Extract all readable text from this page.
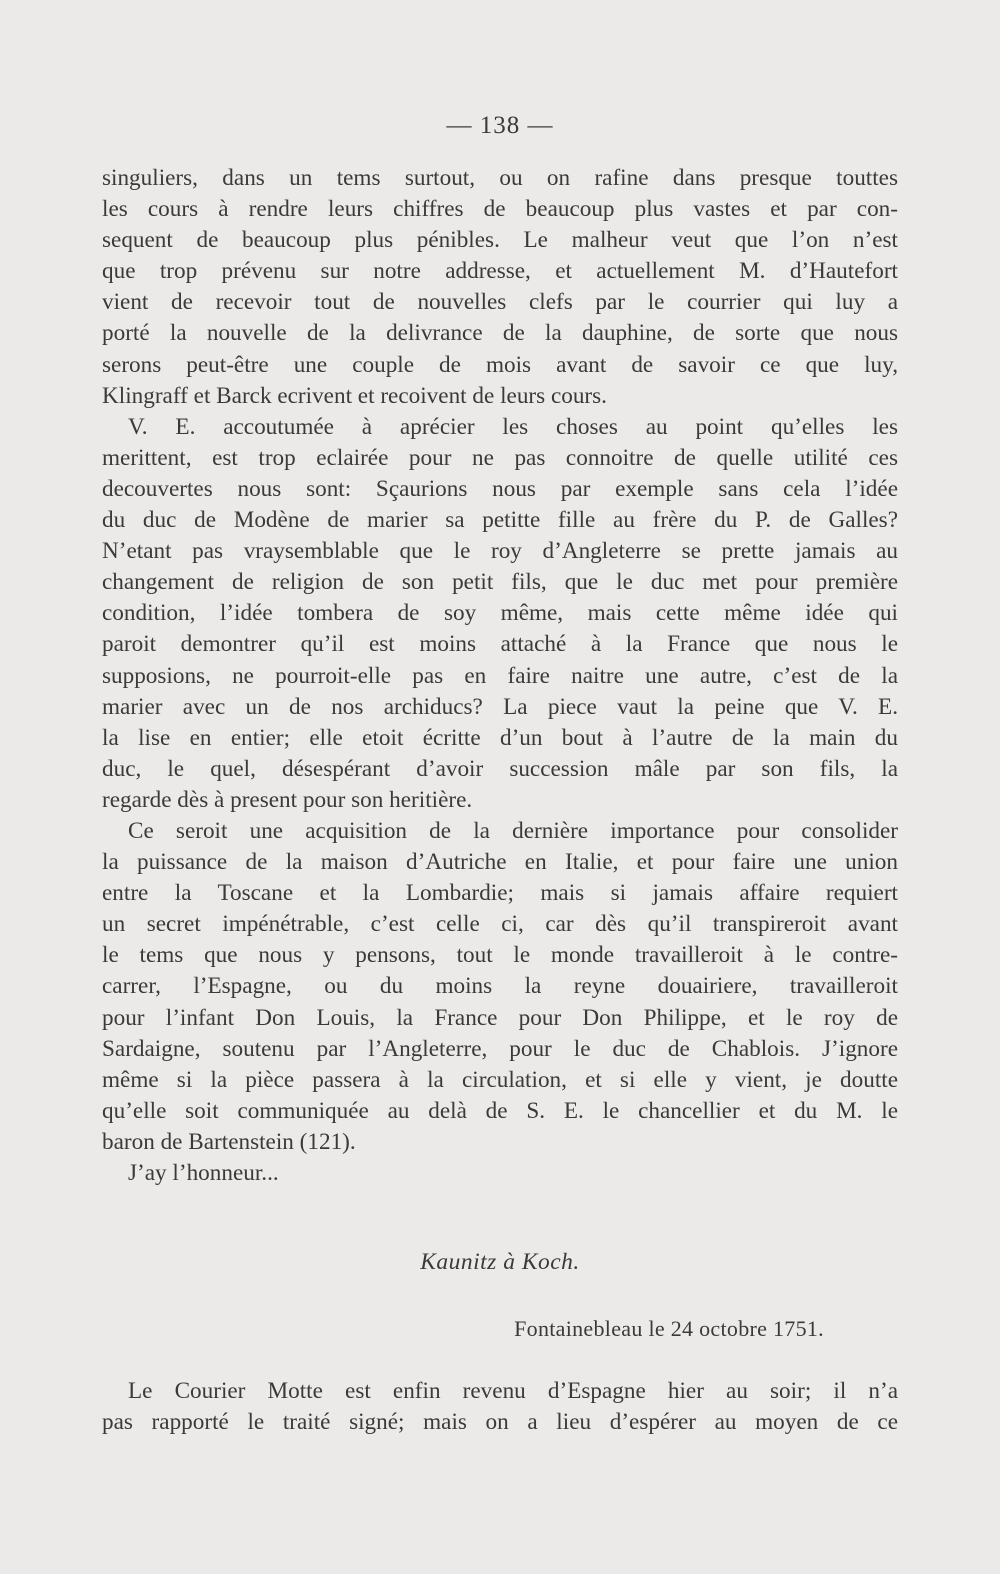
— 138 —
singuliers, dans un tems surtout, ou on rafine dans presque touttes
les cours à rendre leurs chiffres de beaucoup plus vastes et par con-
sequent de beaucoup plus pénibles. Le malheur veut que l’on n’est
que trop prévenu sur notre addresse, et actuellement M. d’Hautefort
vient de recevoir tout de nouvelles clefs par le courrier qui luy a
porté la nouvelle de la delivrance de la dauphine, de sorte que nous
serons peut-être une couple de mois avant de savoir ce que luy,
Klingraff et Barck ecrivent et recoivent de leurs cours.
V. E. accoutumée à aprécier les choses au point qu’elles les
merittent, est trop eclairée pour ne pas connoitre de quelle utilité ces
decouvertes nous sont: Sçaurions nous par exemple sans cela l’idée
du duc de Modène de marier sa petitte fille au frère du P. de Galles?
N’etant pas vraysemblable que le roy d’Angleterre se prette jamais au
changement de religion de son petit fils, que le duc met pour première
condition, l’idée tombera de soy même, mais cette même idée qui
paroit demontrer qu’il est moins attaché à la France que nous le
supposions, ne pourroit-elle pas en faire naitre une autre, c’est de la
marier avec un de nos archiducs? La piece vaut la peine que V. E.
la lise en entier; elle etoit écritte d’un bout à l’autre de la main du
duc, le quel, désespérant d’avoir succession mâle par son fils, la
regarde dès à present pour son heritière.
Ce seroit une acquisition de la dernière importance pour consolider
la puissance de la maison d’Autriche en Italie, et pour faire une union
entre la Toscane et la Lombardie; mais si jamais affaire requiert
un secret impénétrable, c’est celle ci, car dès qu’il transpireroit avant
le tems que nous y pensons, tout le monde travailleroit à le contre-
carrer, l’Espagne, ou du moins la reyne douairiere, travailleroit
pour l’infant Don Louis, la France pour Don Philippe, et le roy de
Sardaigne, soutenu par l’Angleterre, pour le duc de Chablois. J’ignore
même si la pièce passera à la circulation, et si elle y vient, je doutte
qu’elle soit communiquée au delà de S. E. le chancellier et du M. le
baron de Bartenstein (121).
J’ay l’honneur...
Kaunitz à Koch.
Fontainebleau le 24 octobre 1751.
Le Courier Motte est enfin revenu d’Espagne hier au soir; il n’a
pas rapporté le traité signé; mais on a lieu d’espérer au moyen de ce
